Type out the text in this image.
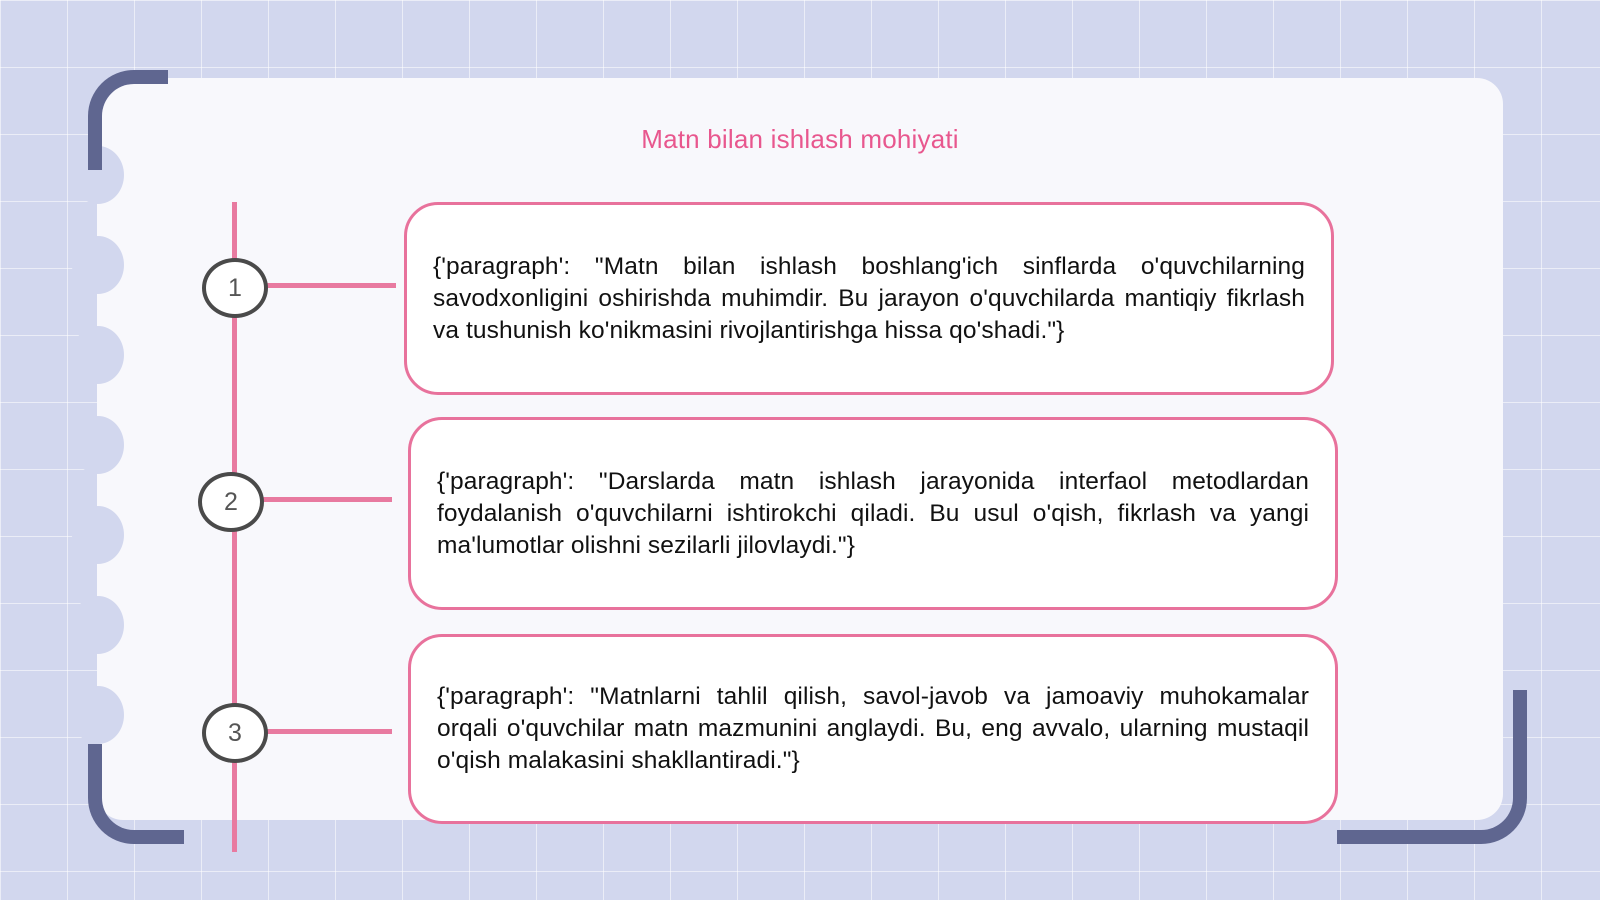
Matn bilan ishlash mohiyati
1
2
3

{'paragraph': "Matn bilan ishlash boshlang'ich sinflarda o'quvchilarning savodxonligini oshirishda muhimdir. Bu jarayon o'quvchilarda mantiqiy fikrlash va tushunish ko'nikmasini rivojlantirishga hissa qo'shadi."}

{'paragraph': "Darslarda matn ishlash jarayonida interfaol metodlardan foydalanish o'quvchilarni ishtirokchi qiladi. Bu usul o'qish, fikrlash va yangi ma'lumotlar olishni sezilarli jilovlaydi."}

{'paragraph': "Matnlarni tahlil qilish, savol-javob va jamoaviy muhokamalar orqali o'quvchilar matn mazmunini anglaydi. Bu, eng avvalo, ularning mustaqil o'qish malakasini shakllantiradi."}
